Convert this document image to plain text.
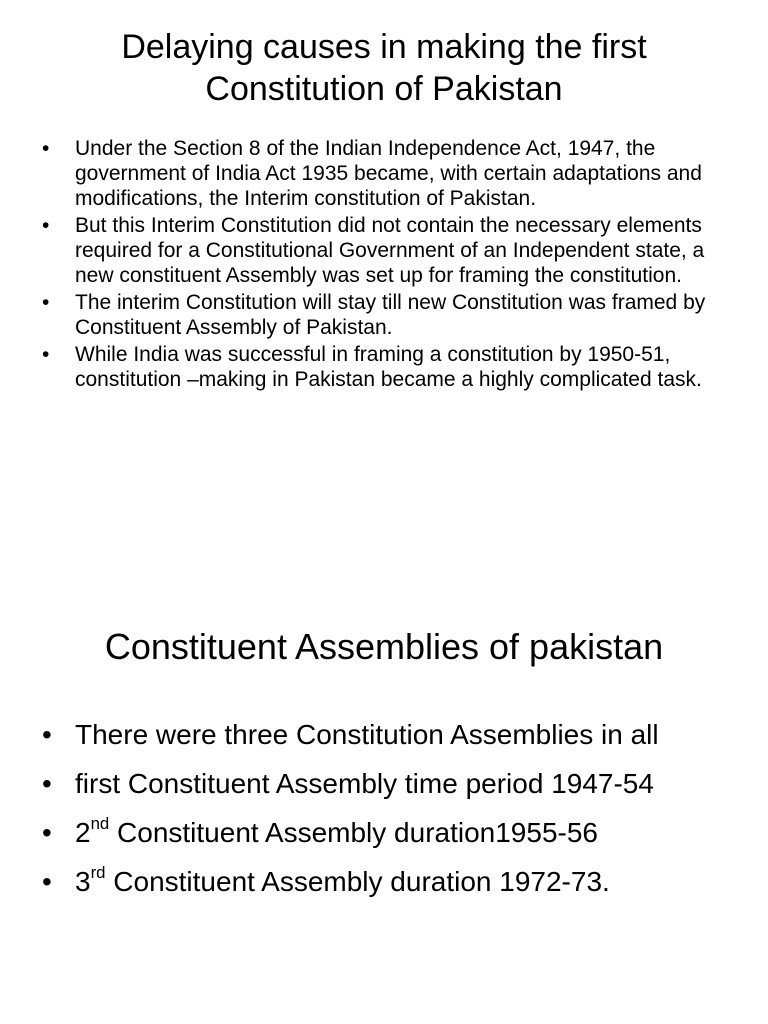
Delaying causes in making the first Constitution of Pakistan
• Under the Section 8 of the Indian Independence Act, 1947, the government of India Act 1935 became, with certain adaptations and modifications, the Interim constitution of Pakistan.
• But this Interim Constitution did not contain the necessary elements required for a Constitutional Government of an Independent state, a new constituent Assembly was set up for framing the constitution.
• The interim Constitution will stay till new Constitution was framed by Constituent Assembly of Pakistan.
• While India was successful in framing a constitution by 1950-51, constitution –making in Pakistan became a highly complicated task.
Constituent Assemblies of pakistan
• There were three Constitution Assemblies in all
• first Constituent Assembly time period 1947-54
• 2nd Constituent Assembly duration1955-56
• 3rd Constituent Assembly duration 1972-73.
